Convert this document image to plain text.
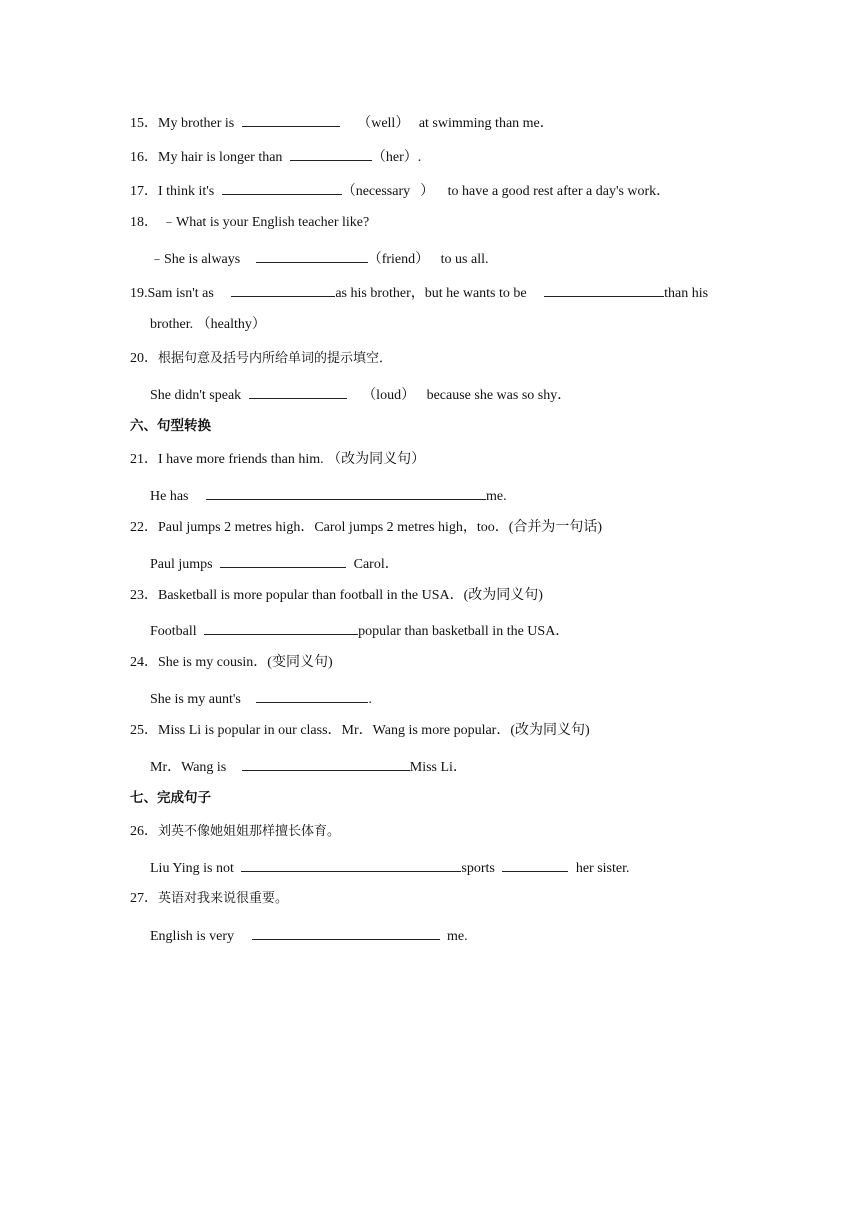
15．My brother is	（well） at swimming than me．
16．My hair is longer than	（her）.
17．I think it's	（necessary ） to have a good rest after a day's work．
18． ﹣What is your English teacher like?
﹣She is always	（friend） to us all.
19.Sam isn't as	as his brother，but he wants to be	than his
brother. （healthy）
20．根据句意及括号内所给单词的提示填空．
She didn't speak	（loud） because she was so shy．
六、句型转换
21．I have more friends than him. （改为同义句）
He has	me.
22．Paul jumps 2 metres high．Carol jumps 2 metres high，too．(合并为一句话)
Paul jumps	Carol．
23．Basketball is more popular than football in the USA．(改为同义句)
Football	popular than basketball in the USA．
24．She is my cousin．(变同义句)
She is my aunt's	.
25．Miss Li is popular in our class．Mr．Wang is more popular．(改为同义句)
Mr．Wang is	Miss Li．
七、完成句子
26．刘英不像她姐姐那样擅长体育。
Liu Ying is not	sports	her sister.
27．英语对我来说很重要。
English is very	me.
